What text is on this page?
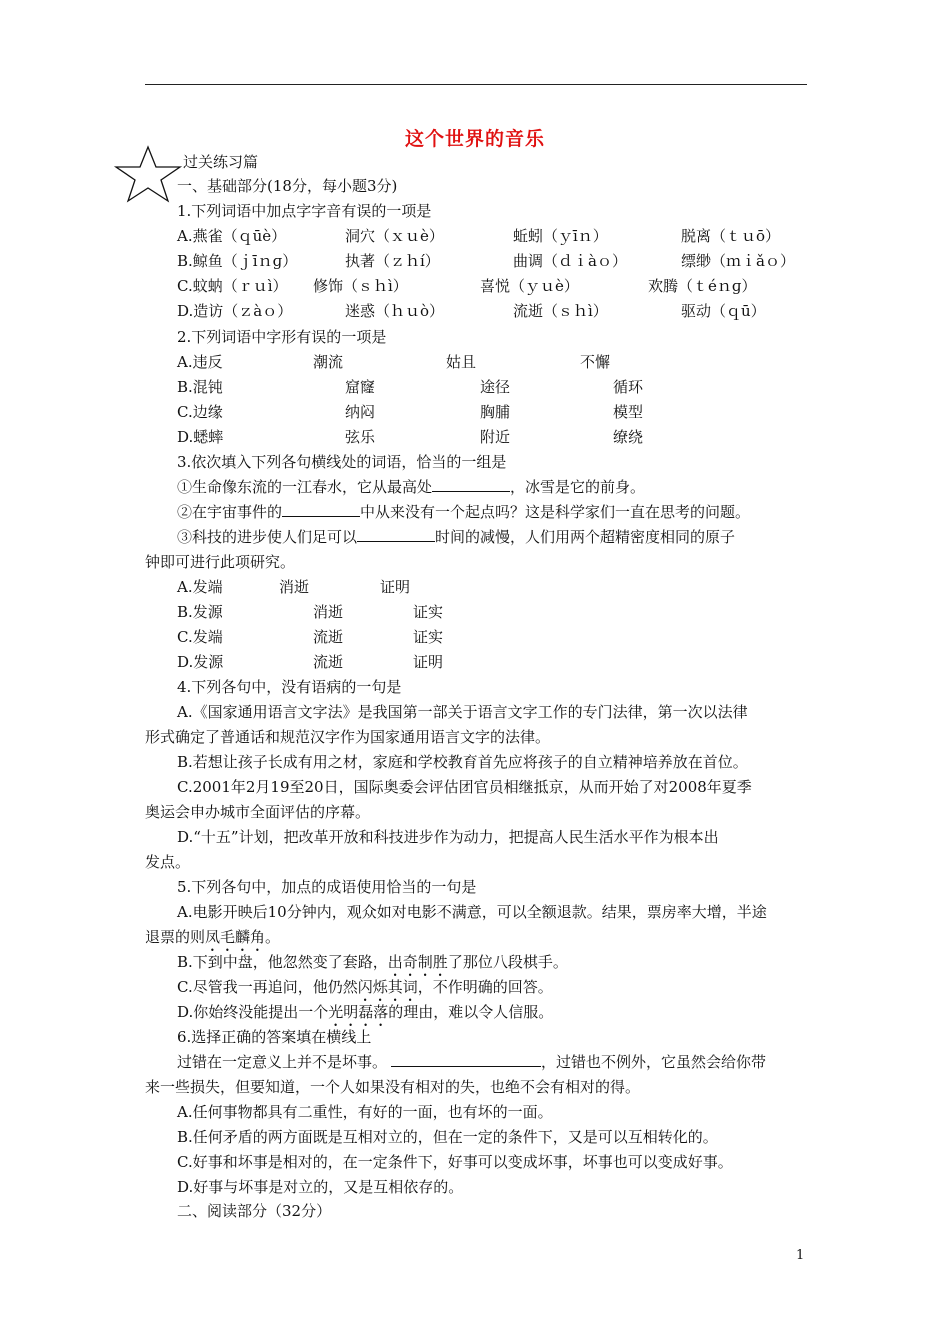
这个世界的音乐
过关练习篇
一、基础部分(18分，每小题3分)
1.下列词语中加点字字音有误的一项是
A.燕雀（ｑūè）	洞穴（ｘｕè）	蚯蚓（ｙīｎ）	脱离（ｔｕō）
B.鲸鱼（ｊīｎɡ）	执著（ｚｈí）	曲调（ｄｉàｏ）	缥缈（ｍｉǎｏ）
C.蚊蚋（ｒｕì） 修饰（ｓｈì）	喜悦（ｙｕè）	欢腾（ｔéｎɡ）
D.造访（ｚàｏ）	迷惑（ｈｕò）	流逝（ｓｈì）	驱动（ｑū）
2.下列词语中字形有误的一项是
A.违反	潮流	姑且	不懈
B.混钝	窟窿	途径	循环
C.边缘	纳闷	胸脯	模型
D.蟋蟀	弦乐	附近	缭绕
3.依次填入下列各句横线处的词语，恰当的一组是
①生命像东流的一江春水，它从最高处	，冰雪是它的前身。
②在宇宙事件的	中从来没有一个起点吗？这是科学家们一直在思考的问题。
③科技的进步使人们足可以	时间的减慢，人们用两个超精密度相同的原子
钟即可进行此项研究。
A.发端	消逝	证明
B.发源	消逝	证实
C.发端	流逝	证实
D.发源	流逝	证明
4.下列各句中，没有语病的一句是
A.《国家通用语言文字法》是我国第一部关于语言文字工作的专门法律，第一次以法律
形式确定了普通话和规范汉字作为国家通用语言文字的法律。
B.若想让孩子长成有用之材，家庭和学校教育首先应将孩子的自立精神培养放在首位。
C.2001年2月19至20日，国际奥委会评估团官员相继抵京，从而开始了对2008年夏季
奥运会申办城市全面评估的序幕。
D.“十五”计划，把改革开放和科技进步作为动力，把提高人民生活水平作为根本出
发点。
5.下列各句中，加点的成语使用恰当的一句是
A.电影开映后10分钟内，观众如对电影不满意，可以全额退款。结果，票房率大增，半途
退票的则凤毛麟角。
B.下到中盘，他忽然变了套路，出奇制胜了那位八段棋手。
C.尽管我一再追问，他仍然闪烁其词，不作明确的回答。
D.你始终没能提出一个光明磊落的理由，难以令人信服。
6.选择正确的答案填在横线上
过错在一定意义上并不是坏事。	，过错也不例外，它虽然会给你带
来一些损失，但要知道，一个人如果没有相对的失，也绝不会有相对的得。
A.任何事物都具有二重性，有好的一面，也有坏的一面。
B.任何矛盾的两方面既是互相对立的，但在一定的条件下，又是可以互相转化的。
C.好事和坏事是相对的，在一定条件下，好事可以变成坏事，坏事也可以变成好事。
D.好事与坏事是对立的，又是互相依存的。
二、阅读部分（32分）
1
